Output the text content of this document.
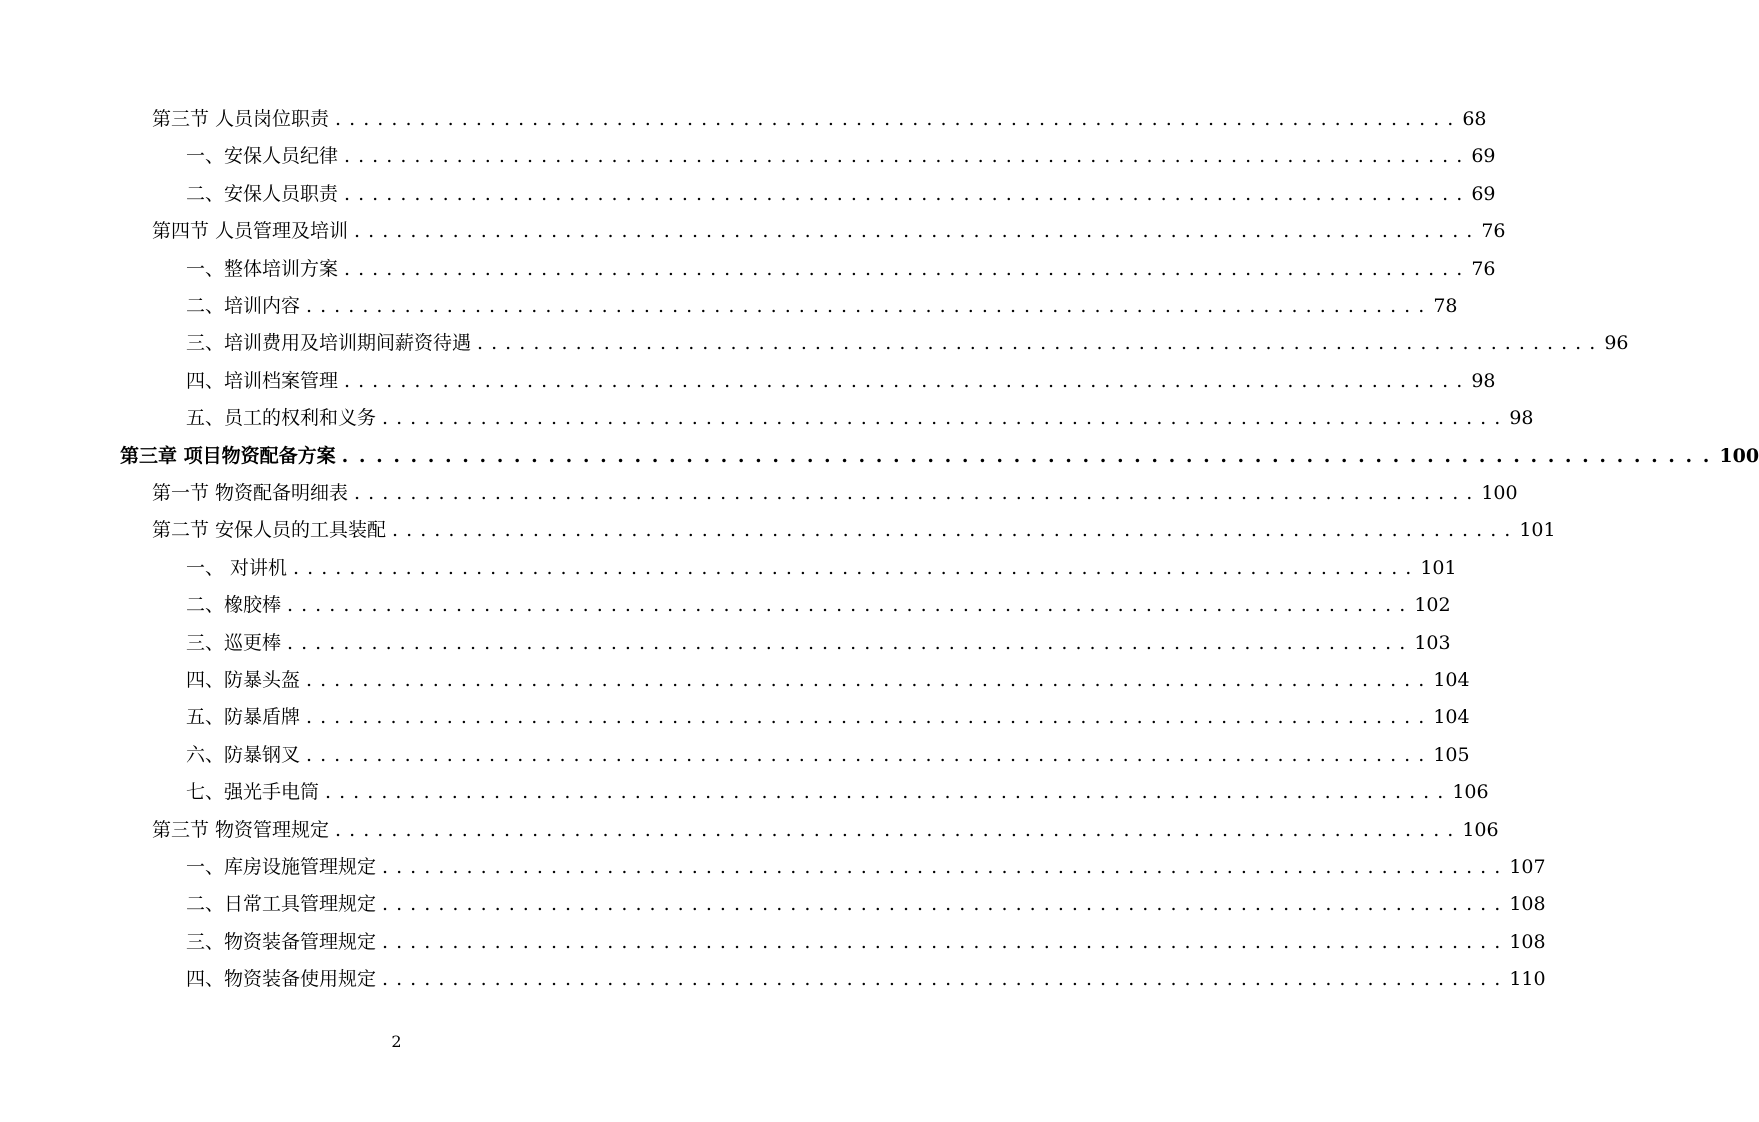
第三节 人员岗位职责 . . . . . . . . . . . . . . . . . . . . . . . . . . . . . . . . . . . . . . . . . . . . . . . . . . . . . . . . . . . . . . . . . . . . . . . . . . . . . . . . 68
一、安保人员纪律 . . . . . . . . . . . . . . . . . . . . . . . . . . . . . . . . . . . . . . . . . . . . . . . . . . . . . . . . . . . . . . . . . . . . . . . . . . . . . . . . 69
二、安保人员职责 . . . . . . . . . . . . . . . . . . . . . . . . . . . . . . . . . . . . . . . . . . . . . . . . . . . . . . . . . . . . . . . . . . . . . . . . . . . . . . . . 69
第四节 人员管理及培训 . . . . . . . . . . . . . . . . . . . . . . . . . . . . . . . . . . . . . . . . . . . . . . . . . . . . . . . . . . . . . . . . . . . . . . . . . . . . . . . . 76
一、整体培训方案 . . . . . . . . . . . . . . . . . . . . . . . . . . . . . . . . . . . . . . . . . . . . . . . . . . . . . . . . . . . . . . . . . . . . . . . . . . . . . . . . 76
二、培训内容 . . . . . . . . . . . . . . . . . . . . . . . . . . . . . . . . . . . . . . . . . . . . . . . . . . . . . . . . . . . . . . . . . . . . . . . . . . . . . . . . 78
三、培训费用及培训期间薪资待遇 . . . . . . . . . . . . . . . . . . . . . . . . . . . . . . . . . . . . . . . . . . . . . . . . . . . . . . . . . . . . . . . . . . . . . . . . . . . . . . . . 96
四、培训档案管理 . . . . . . . . . . . . . . . . . . . . . . . . . . . . . . . . . . . . . . . . . . . . . . . . . . . . . . . . . . . . . . . . . . . . . . . . . . . . . . . . 98
五、员工的权利和义务 . . . . . . . . . . . . . . . . . . . . . . . . . . . . . . . . . . . . . . . . . . . . . . . . . . . . . . . . . . . . . . . . . . . . . . . . . . . . . . . . 98
第三章 项目物资配备方案 . . . . . . . . . . . . . . . . . . . . . . . . . . . . . . . . . . . . . . . . . . . . . . . . . . . . . . . . . . . . . . . . . . . . . . . . . . . . . . . . 100
第一节 物资配备明细表 . . . . . . . . . . . . . . . . . . . . . . . . . . . . . . . . . . . . . . . . . . . . . . . . . . . . . . . . . . . . . . . . . . . . . . . . . . . . . . . . 100
第二节 安保人员的工具装配 . . . . . . . . . . . . . . . . . . . . . . . . . . . . . . . . . . . . . . . . . . . . . . . . . . . . . . . . . . . . . . . . . . . . . . . . . . . . . . . . 101
一、 对讲机 . . . . . . . . . . . . . . . . . . . . . . . . . . . . . . . . . . . . . . . . . . . . . . . . . . . . . . . . . . . . . . . . . . . . . . . . . . . . . . . . 101
二、橡胶棒 . . . . . . . . . . . . . . . . . . . . . . . . . . . . . . . . . . . . . . . . . . . . . . . . . . . . . . . . . . . . . . . . . . . . . . . . . . . . . . . . 102
三、巡更棒 . . . . . . . . . . . . . . . . . . . . . . . . . . . . . . . . . . . . . . . . . . . . . . . . . . . . . . . . . . . . . . . . . . . . . . . . . . . . . . . . 103
四、防暴头盔 . . . . . . . . . . . . . . . . . . . . . . . . . . . . . . . . . . . . . . . . . . . . . . . . . . . . . . . . . . . . . . . . . . . . . . . . . . . . . . . . 104
五、防暴盾牌 . . . . . . . . . . . . . . . . . . . . . . . . . . . . . . . . . . . . . . . . . . . . . . . . . . . . . . . . . . . . . . . . . . . . . . . . . . . . . . . . 104
六、防暴钢叉 . . . . . . . . . . . . . . . . . . . . . . . . . . . . . . . . . . . . . . . . . . . . . . . . . . . . . . . . . . . . . . . . . . . . . . . . . . . . . . . . 105
七、强光手电筒 . . . . . . . . . . . . . . . . . . . . . . . . . . . . . . . . . . . . . . . . . . . . . . . . . . . . . . . . . . . . . . . . . . . . . . . . . . . . . . . . 106
第三节 物资管理规定 . . . . . . . . . . . . . . . . . . . . . . . . . . . . . . . . . . . . . . . . . . . . . . . . . . . . . . . . . . . . . . . . . . . . . . . . . . . . . . . . 106
一、库房设施管理规定 . . . . . . . . . . . . . . . . . . . . . . . . . . . . . . . . . . . . . . . . . . . . . . . . . . . . . . . . . . . . . . . . . . . . . . . . . . . . . . . . 107
二、日常工具管理规定 . . . . . . . . . . . . . . . . . . . . . . . . . . . . . . . . . . . . . . . . . . . . . . . . . . . . . . . . . . . . . . . . . . . . . . . . . . . . . . . . 108
三、物资装备管理规定 . . . . . . . . . . . . . . . . . . . . . . . . . . . . . . . . . . . . . . . . . . . . . . . . . . . . . . . . . . . . . . . . . . . . . . . . . . . . . . . . 108
四、物资装备使用规定 . . . . . . . . . . . . . . . . . . . . . . . . . . . . . . . . . . . . . . . . . . . . . . . . . . . . . . . . . . . . . . . . . . . . . . . . . . . . . . . . 110
2
